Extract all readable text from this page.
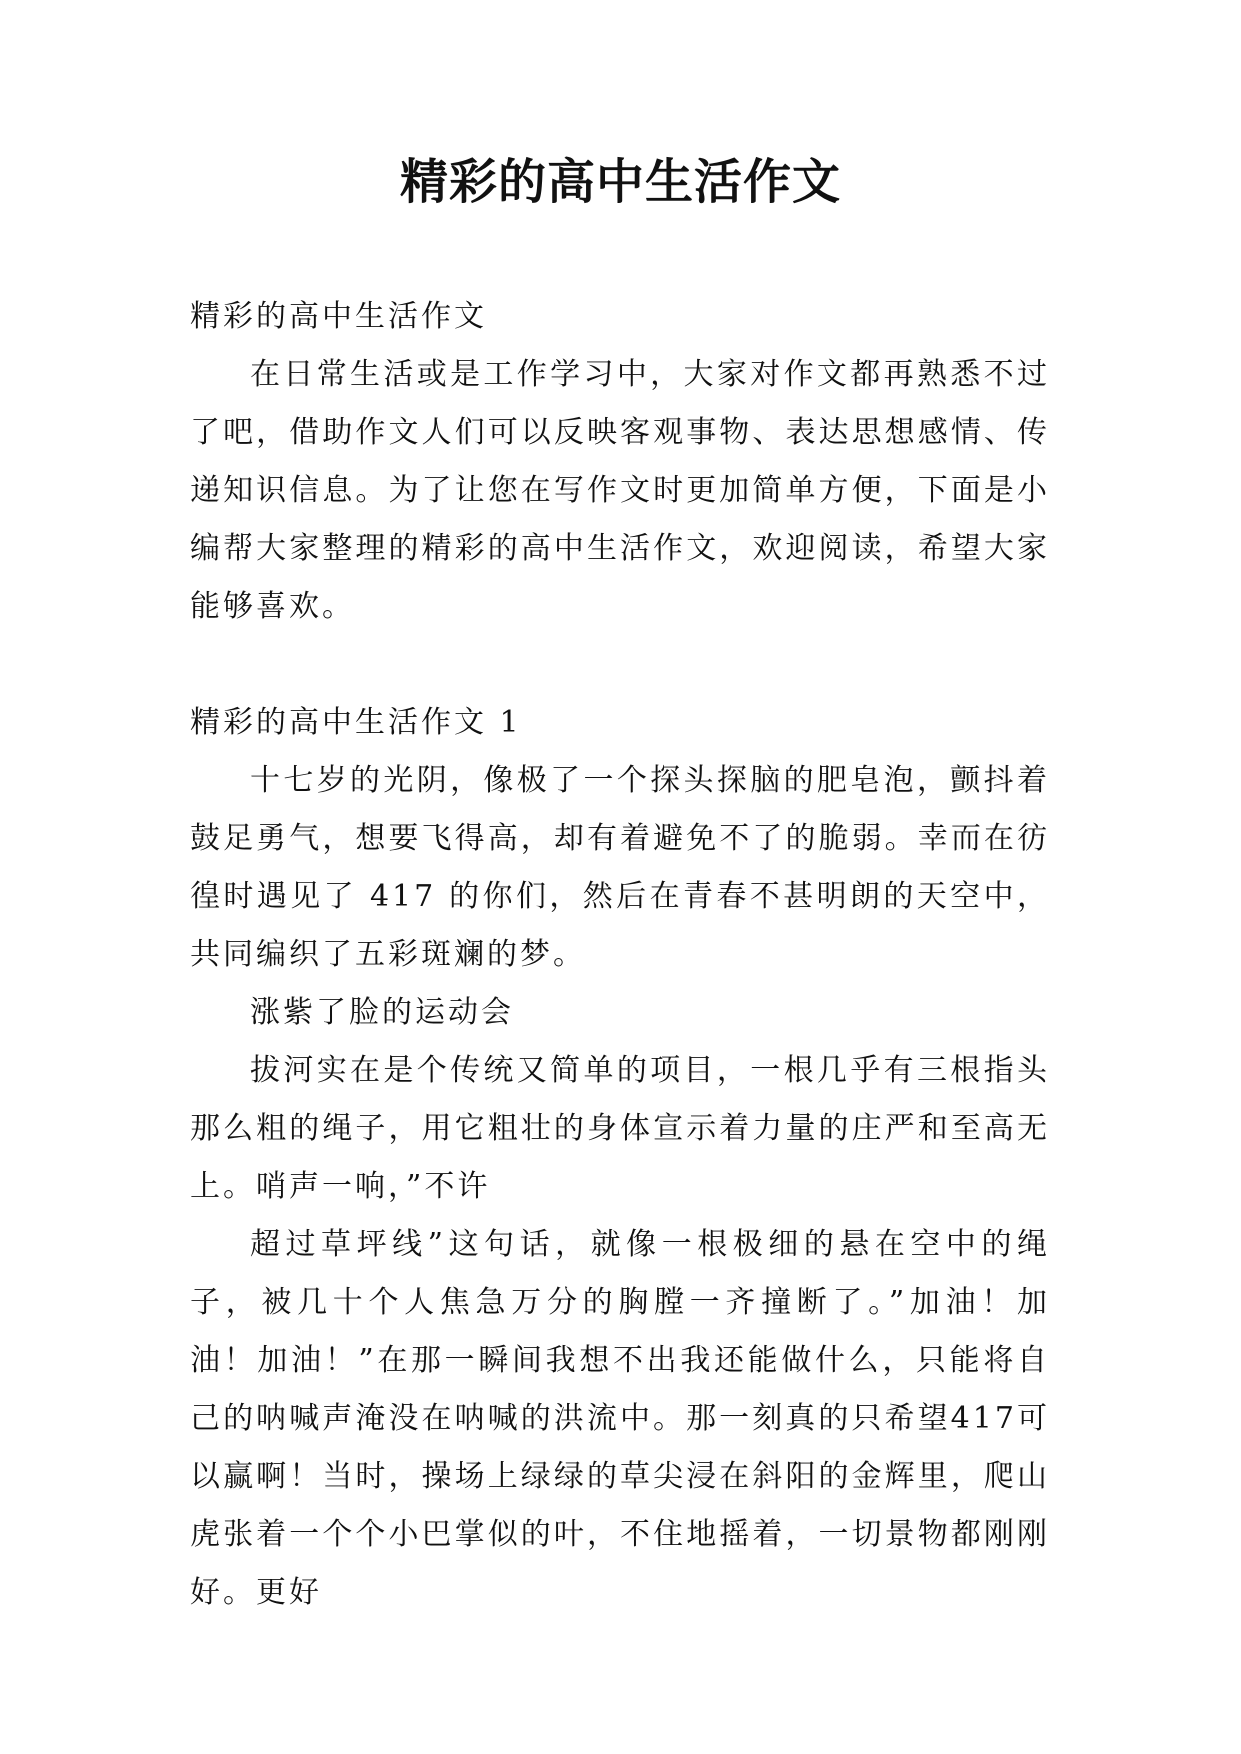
精彩的高中生活作文

精彩的高中生活作文

在日常生活或是工作学习中，大家对作文都再熟悉不过了吧，借助作文人们可以反映客观事物、表达思想感情、传递知识信息。为了让您在写作文时更加简单方便，下面是小编帮大家整理的精彩的高中生活作文，欢迎阅读，希望大家能够喜欢。

精彩的高中生活作文 1

十七岁的光阴，像极了一个探头探脑的肥皂泡，颤抖着鼓足勇气，想要飞得高，却有着避免不了的脆弱。幸而在彷徨时遇见了 417 的你们，然后在青春不甚明朗的天空中，共同编织了五彩斑斓的梦。

涨紫了脸的运动会

拔河实在是个传统又简单的项目，一根几乎有三根指头那么粗的绳子，用它粗壮的身体宣示着力量的庄严和至高无上。哨声一响，”不许

超过草坪线”这句话，就像一根极细的悬在空中的绳子，被几十个人焦急万分的胸膛一齐撞断了。”加油！加油！加油！”在那一瞬间我想不出我还能做什么，只能将自己的呐喊声淹没在呐喊的洪流中。那一刻真的只希望417可以赢啊！当时，操场上绿绿的草尖浸在斜阳的金辉里，爬山虎张着一个个小巴掌似的叶，不住地摇着，一切景物都刚刚好。更好
